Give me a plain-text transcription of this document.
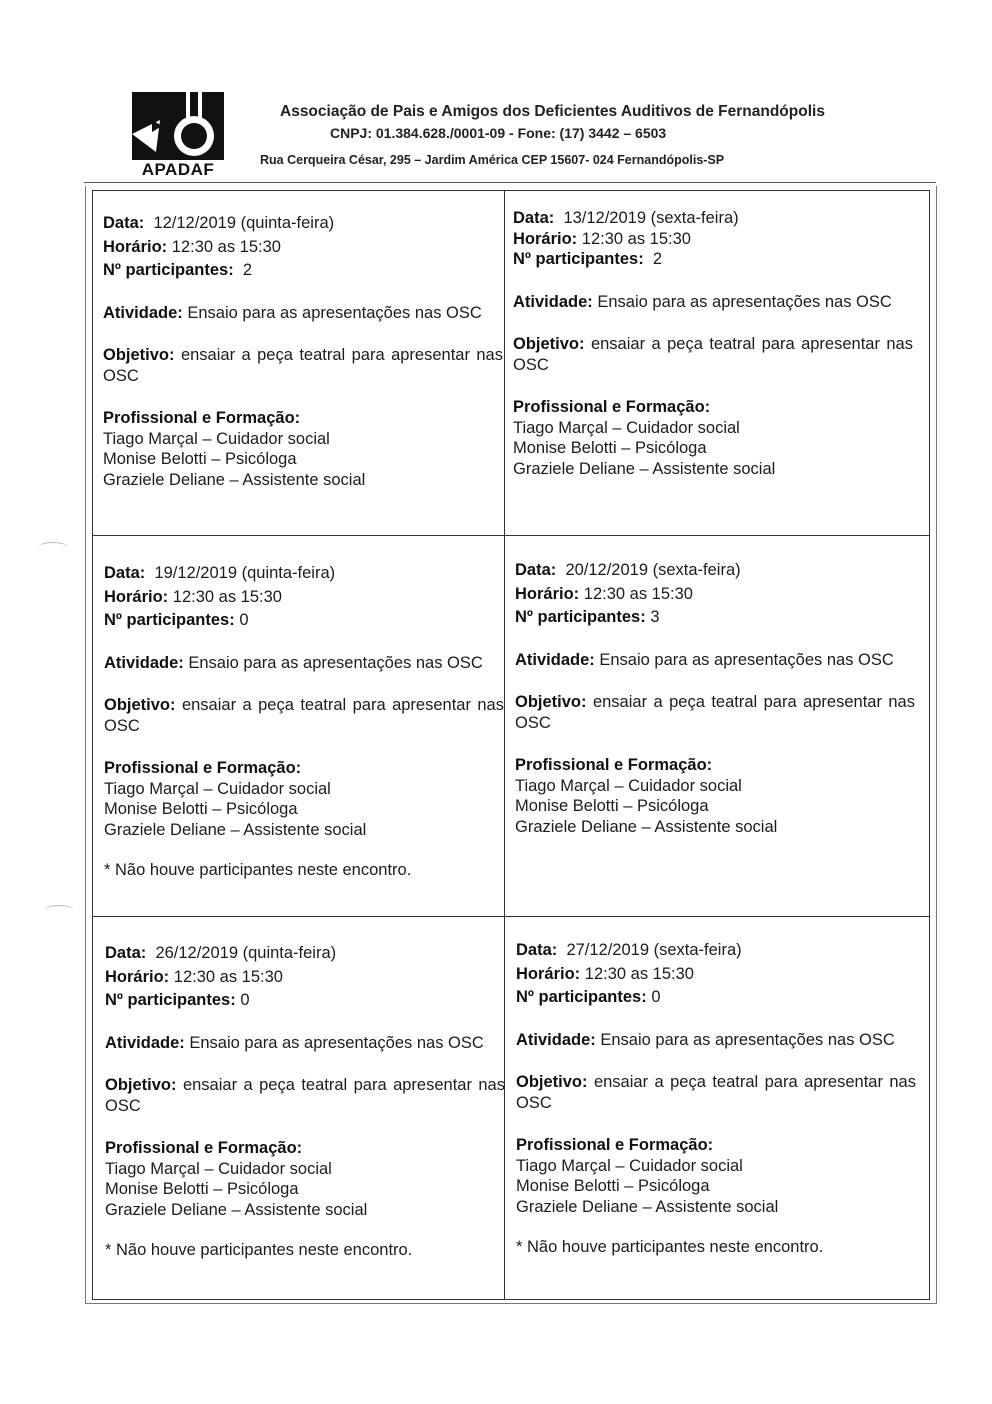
APADAF
Associação de Pais e Amigos dos Deficientes Auditivos de Fernandópolis
CNPJ: 01.384.628./0001-09 - Fone: (17) 3442 – 6503
Rua Cerqueira César, 295 – Jardim América CEP 15607- 024 Fernandópolis-SP
Data: 12/12/2019 (quinta-feira)
Horário: 12:30 as 15:30
Nº participantes: 2
Atividade: Ensaio para as apresentações nas OSC
Objetivo: ensaiar a peça teatral para apresentar nas OSC
Profissional e Formação:
Tiago Marçal – Cuidador social
Monise Belotti – Psicóloga
Graziele Deliane – Assistente social
Data: 13/12/2019 (sexta-feira)
Horário: 12:30 as 15:30
Nº participantes: 2
Atividade: Ensaio para as apresentações nas OSC
Objetivo: ensaiar a peça teatral para apresentar nas OSC
Profissional e Formação:
Tiago Marçal – Cuidador social
Monise Belotti – Psicóloga
Graziele Deliane – Assistente social
Data: 19/12/2019 (quinta-feira)
Horário: 12:30 as 15:30
Nº participantes: 0
Atividade: Ensaio para as apresentações nas OSC
Objetivo: ensaiar a peça teatral para apresentar nas OSC
Profissional e Formação:
Tiago Marçal – Cuidador social
Monise Belotti – Psicóloga
Graziele Deliane – Assistente social
* Não houve participantes neste encontro.
Data: 20/12/2019 (sexta-feira)
Horário: 12:30 as 15:30
Nº participantes: 3
Atividade: Ensaio para as apresentações nas OSC
Objetivo: ensaiar a peça teatral para apresentar nas OSC
Profissional e Formação:
Tiago Marçal – Cuidador social
Monise Belotti – Psicóloga
Graziele Deliane – Assistente social
Data: 26/12/2019 (quinta-feira)
Horário: 12:30 as 15:30
Nº participantes: 0
Atividade: Ensaio para as apresentações nas OSC
Objetivo: ensaiar a peça teatral para apresentar nas OSC
Profissional e Formação:
Tiago Marçal – Cuidador social
Monise Belotti – Psicóloga
Graziele Deliane – Assistente social
* Não houve participantes neste encontro.
Data: 27/12/2019 (sexta-feira)
Horário: 12:30 as 15:30
Nº participantes: 0
Atividade: Ensaio para as apresentações nas OSC
Objetivo: ensaiar a peça teatral para apresentar nas OSC
Profissional e Formação:
Tiago Marçal – Cuidador social
Monise Belotti – Psicóloga
Graziele Deliane – Assistente social
* Não houve participantes neste encontro.
